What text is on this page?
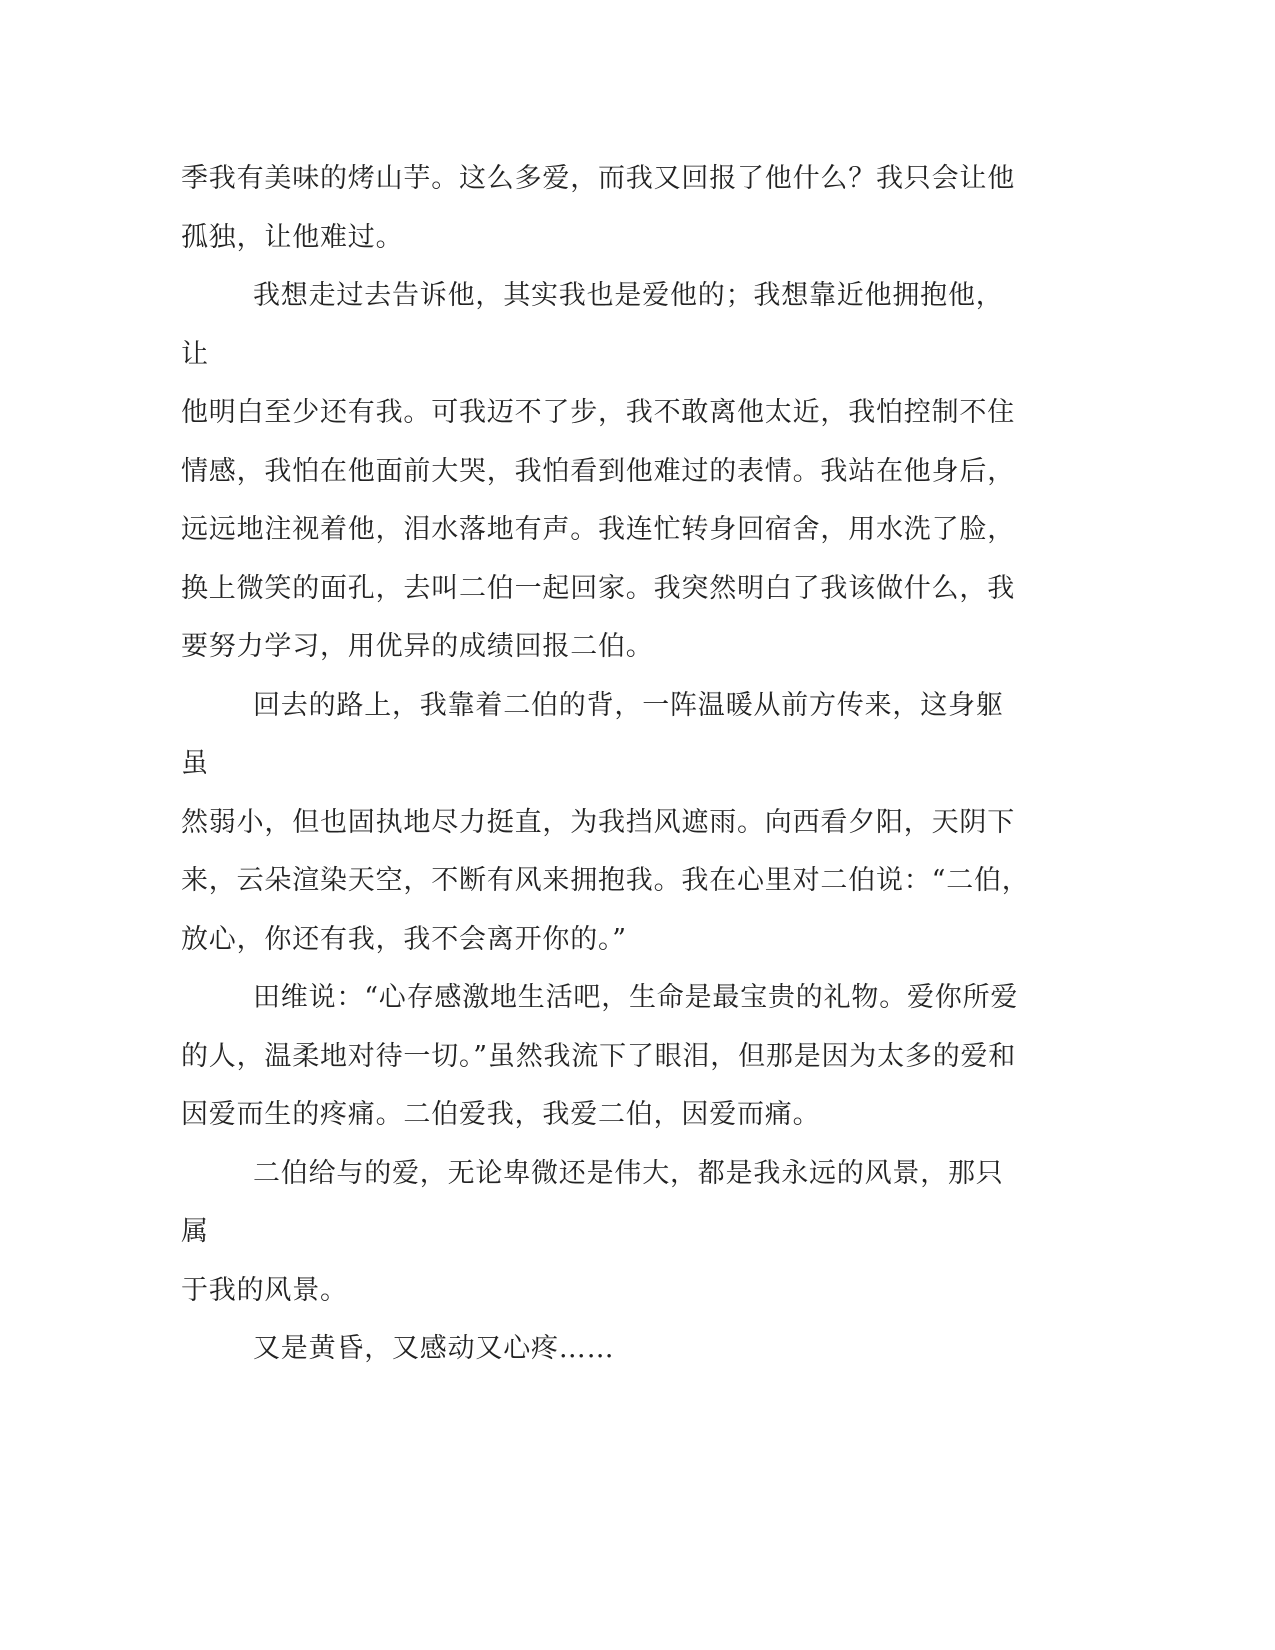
季我有美味的烤山芋。这么多爱，而我又回报了他什么？我只会让他
孤独，让他难过。

我想走过去告诉他，其实我也是爱他的；我想靠近他拥抱他，让
他明白至少还有我。可我迈不了步，我不敢离他太近，我怕控制不住
情感，我怕在他面前大哭，我怕看到他难过的表情。我站在他身后，
远远地注视着他，泪水落地有声。我连忙转身回宿舍，用水洗了脸，
换上微笑的面孔，去叫二伯一起回家。我突然明白了我该做什么，我
要努力学习，用优异的成绩回报二伯。

回去的路上，我靠着二伯的背，一阵温暖从前方传来，这身躯虽
然弱小，但也固执地尽力挺直，为我挡风遮雨。向西看夕阳，天阴下
来，云朵渲染天空，不断有风来拥抱我。我在心里对二伯说：“二伯，
放心，你还有我，我不会离开你的。”

田维说：“心存感激地生活吧，生命是最宝贵的礼物。爱你所爱
的人，温柔地对待一切。”虽然我流下了眼泪，但那是因为太多的爱和
因爱而生的疼痛。二伯爱我，我爱二伯，因爱而痛。

二伯给与的爱，无论卑微还是伟大，都是我永远的风景，那只属
于我的风景。

又是黄昏，又感动又心疼……
